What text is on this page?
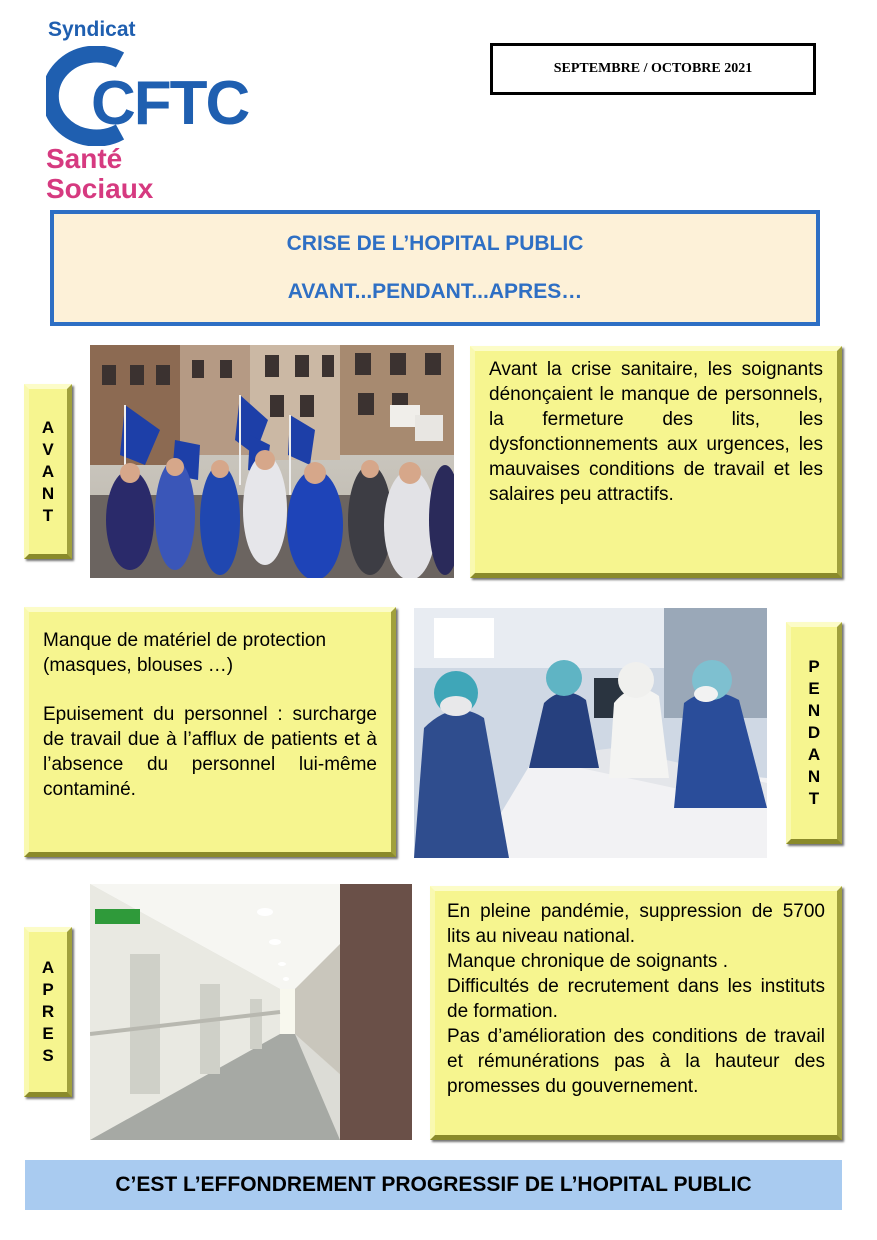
Syndicat
CFTC
Santé
Sociaux
SEPTEMBRE / OCTOBRE 2021
CRISE DE L’HOPITAL PUBLIC
AVANT...PENDANT...APRES…
A V A N T

Avant la crise sanitaire, les soignants dénonçaient le manque de personnels, la fermeture des lits, les dysfonctionnements aux urgences, les mauvaises conditions de travail et les salaires peu attractifs.

Manque de matériel de protection (masques, blouses …)

Epuisement du personnel : surcharge de travail due à l’afflux de patients et à l’absence du personnel lui-même contaminé.

P E N D A N T
A P R E S

En pleine pandémie, suppression de 5700 lits au niveau national.

Manque chronique de soignants .

Difficultés de recrutement dans les instituts de formation.

Pas d’amélioration des conditions de travail et rémunérations pas à la hauteur des promesses du gouvernement.

C’EST L’EFFONDREMENT PROGRESSIF DE L’HOPITAL PUBLIC
